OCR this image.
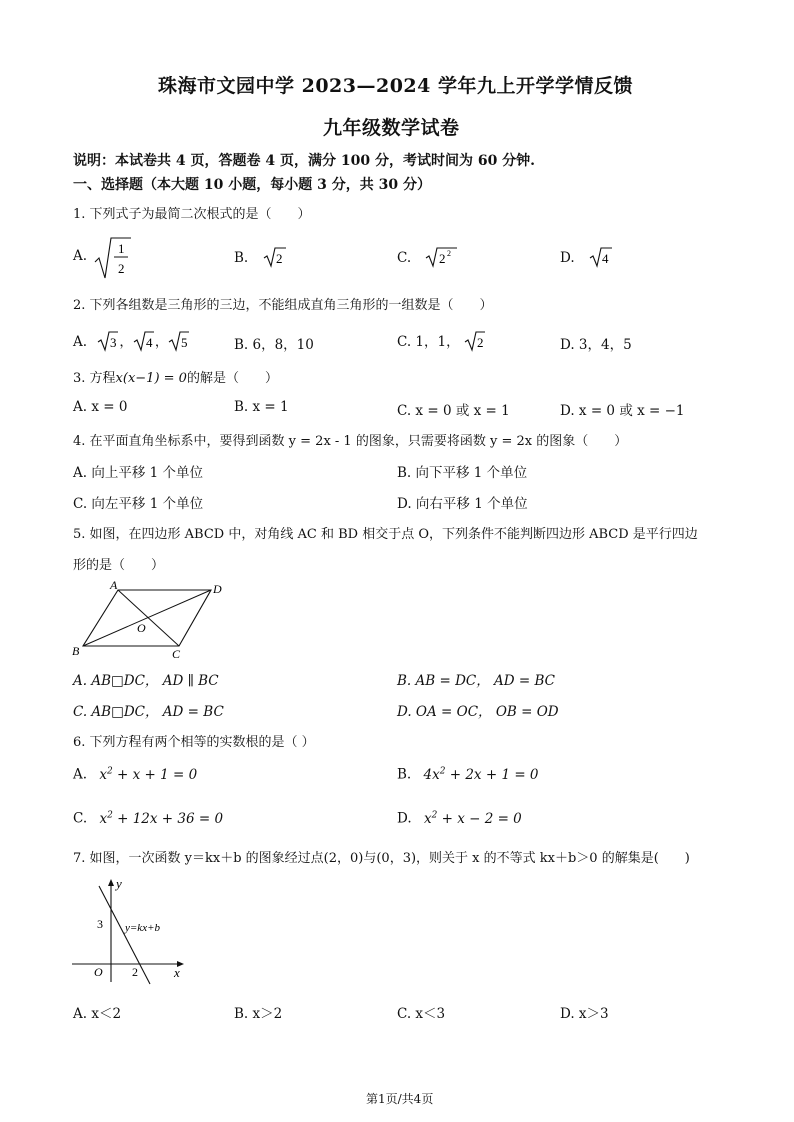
珠海市文园中学 2023—2024 学年九上开学学情反馈
九年级数学试卷
说明：本试卷共 4 页，答题卷 4 页，满分 100 分，考试时间为 60 分钟.
一、选择题（本大题 10 小题，每小题 3 分，共 30 分）
1. 下列式子为最简二次根式的是（　　）
A. 1
2
B. 2	C. 2 2	D. 4
2. 下列各组数是三角形的三边，不能组成直角三角形的一组数是（　　）
A. 3 ， 4 ， 5	B. 6，8，10	C. 1，1， 2	D. 3，4，5
3. 方程x(x−1) = 0的解是（　　）
A. x = 0	B. x = 1	C. x = 0 或 x = 1	D. x = 0 或 x = −1
4. 在平面直角坐标系中，要得到函数 y = 2x - 1 的图象，只需要将函数 y = 2x 的图象（　　）
A. 向上平移 1 个单位	B. 向下平移 1 个单位
C. 向左平移 1 个单位	D. 向右平移 1 个单位
5. 如图，在四边形 ABCD 中，对角线 AC 和 BD 相交于点 O，下列条件不能判断四边形 ABCD 是平行四边
形的是（　　）
A	D
B	C
O
A. AB□DC， AD ∥ BC	B. AB = DC， AD = BC
C. AB□DC， AD = BC	D. OA = OC， OB = OD
6. 下列方程有两个相等的实数根的是（ ）
A. $x^2 + x + 1 = 0$	B. $4x^2 + 2x + 1 = 0$
C. $x^2 + 12x + 36 = 0$	D. $x^2 + x - 2 = 0$
7. 如图，一次函数 y＝kx＋b 的图象经过点(2，0)与(0，3)，则关于 x 的不等式 kx＋b＞0 的解集是(　　)
y
x
O
3
2
y=kx+b
A. x＜2	B. x＞2	C. x＜3	D. x＞3
第1页/共4页
